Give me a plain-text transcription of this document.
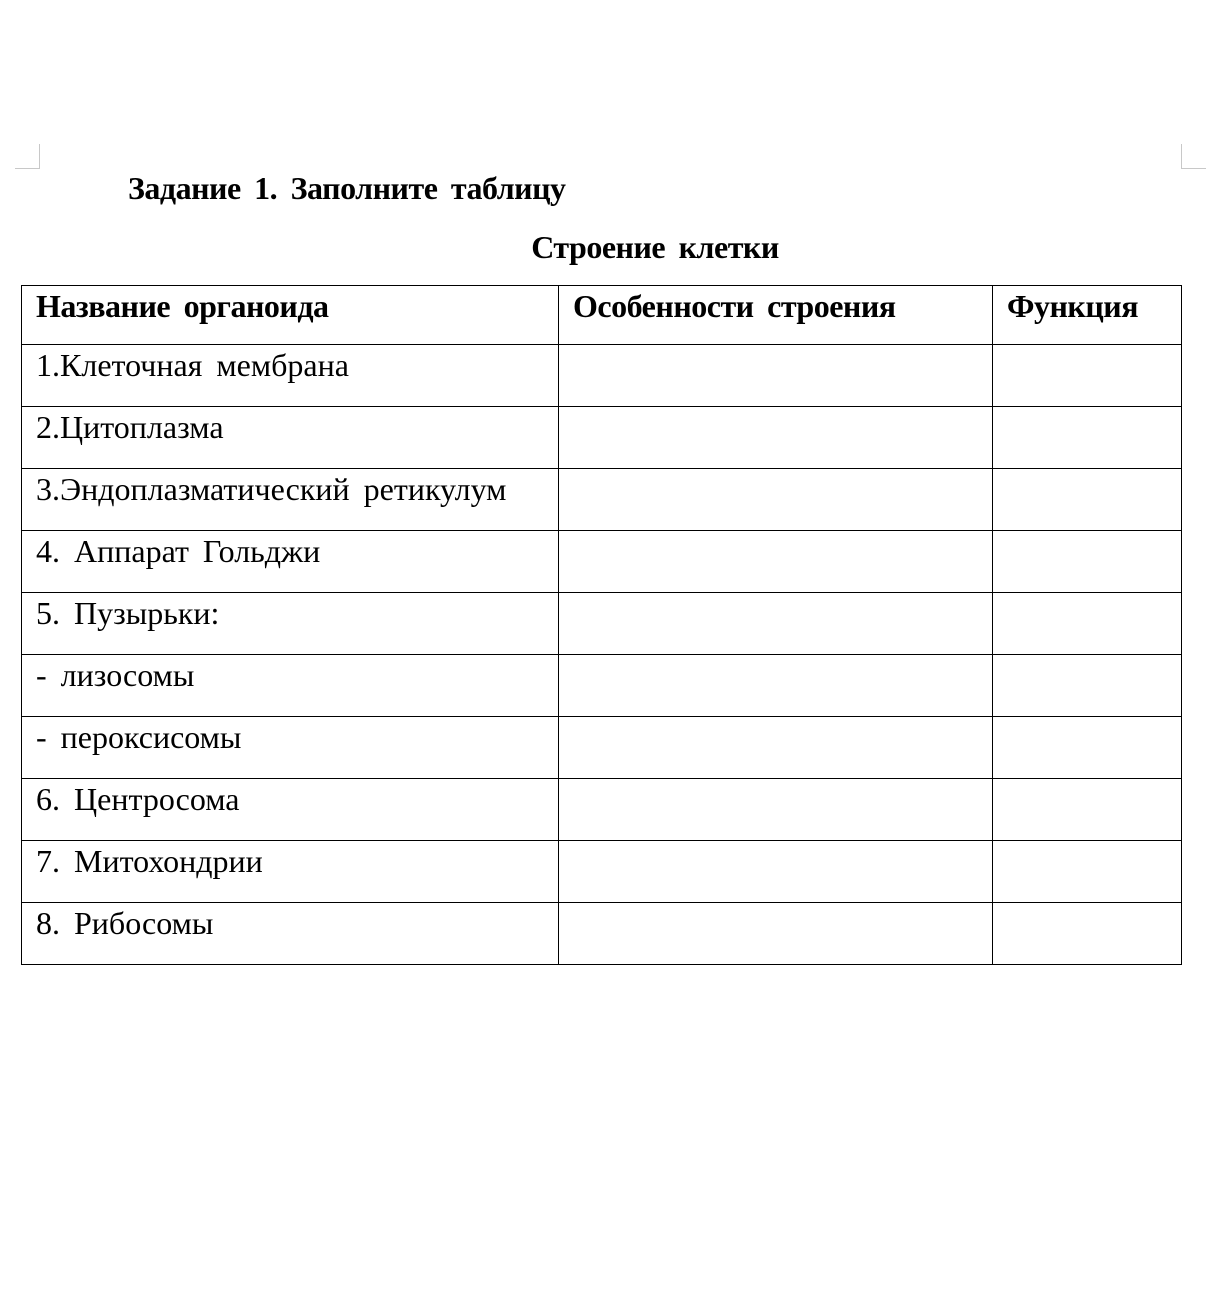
Задание 1. Заполните таблицу
Строение клетки
Название органоида	Особенности строения	Функция
1.Клеточная мембрана		
2.Цитоплазма		
3.Эндоплазматический ретикулум		
4. Аппарат Гольджи		
5. Пузырьки:		
- лизосомы		
- пероксисомы		
6. Центросома		
7. Митохондрии		
8. Рибосомы		
